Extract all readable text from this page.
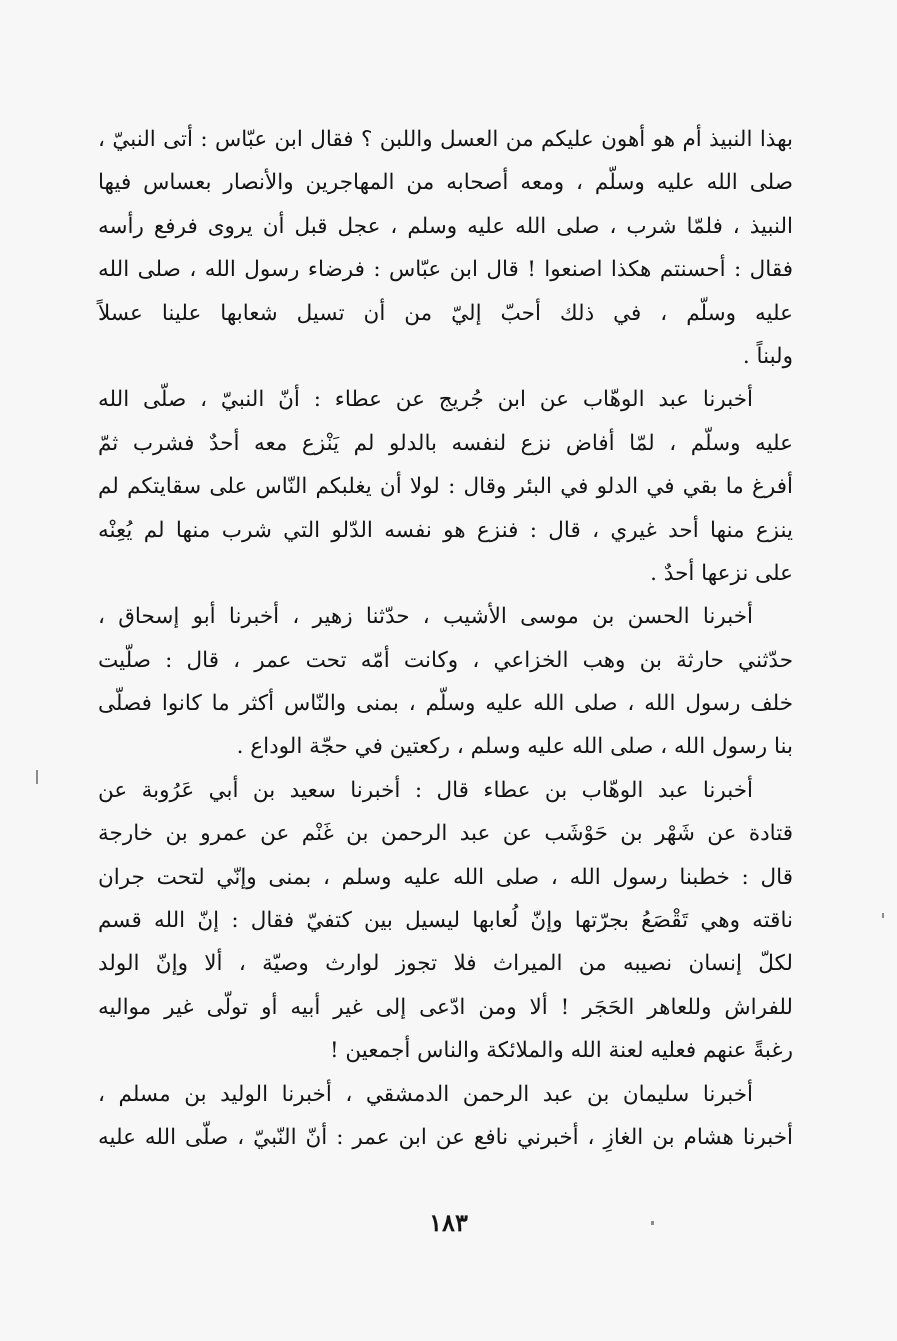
بهذا النبيذ أم هو أهون عليكم من العسل واللبن ؟ فقال ابن عبّاس : أتى النبيّ ،
صلى الله عليه وسلّم ، ومعه أصحابه من المهاجرين والأنصار بعساس فيها
النبيذ ، فلمّا شرب ، صلى الله عليه وسلم ، عجل قبل أن يروى فرفع رأسه
فقال : أحسنتم هكذا اصنعوا ! قال ابن عبّاس : فرضاء رسول الله ، صلى الله
عليه وسلّم ، في ذلك أحبّ إليّ من أن تسيل شعابها علينا عسلاً
ولبناً .
أخبرنا عبد الوهّاب عن ابن جُريج عن عطاء : أنّ النبيّ ، صلّى الله
عليه وسلّم ، لمّا أفاض نزع لنفسه بالدلو لم يَنْزع معه أحدٌ فشرب ثمّ
أفرغ ما بقي في الدلو في البئر وقال : لولا أن يغلبكم النّاس على سقايتكم لم
ينزع منها أحد غيري ، قال : فنزع هو نفسه الدّلو التي شرب منها لم يُعِنْه
على نزعها أحدٌ .
أخبرنا الحسن بن موسى الأشيب ، حدّثنا زهير ، أخبرنا أبو إسحاق ،
حدّثني حارثة بن وهب الخزاعي ، وكانت أمّه تحت عمر ، قال : صلّيت
خلف رسول الله ، صلى الله عليه وسلّم ، بمنى والنّاس أكثر ما كانوا فصلّى
بنا رسول الله ، صلى الله عليه وسلم ، ركعتين في حجّة الوداع .
أخبرنا عبد الوهّاب بن عطاء قال : أخبرنا سعيد بن أبي عَرُوبة عن
قتادة عن شَهْر بن حَوْشَب عن عبد الرحمن بن غَنْم عن عمرو بن خارجة
قال : خطبنا رسول الله ، صلى الله عليه وسلم ، بمنى وإنّي لتحت جران
ناقته وهي تَقْصَعُ بجرّتها وإنّ لُعابها ليسيل بين كتفيّ فقال : إنّ الله قسم
لكلّ إنسان نصيبه من الميراث فلا تجوز لوارث وصيّة ، ألا وإنّ الولد
للفراش وللعاهر الحَجَر ! ألا ومن ادّعى إلى غير أبيه أو تولّى غير مواليه
رغبةً عنهم فعليه لعنة الله والملائكة والناس أجمعين !
أخبرنا سليمان بن عبد الرحمن الدمشقي ، أخبرنا الوليد بن مسلم ،
أخبرنا هشام بن الغازِ ، أخبرني نافع عن ابن عمر : أنّ النّبيّ ، صلّى الله عليه
١٨٣
